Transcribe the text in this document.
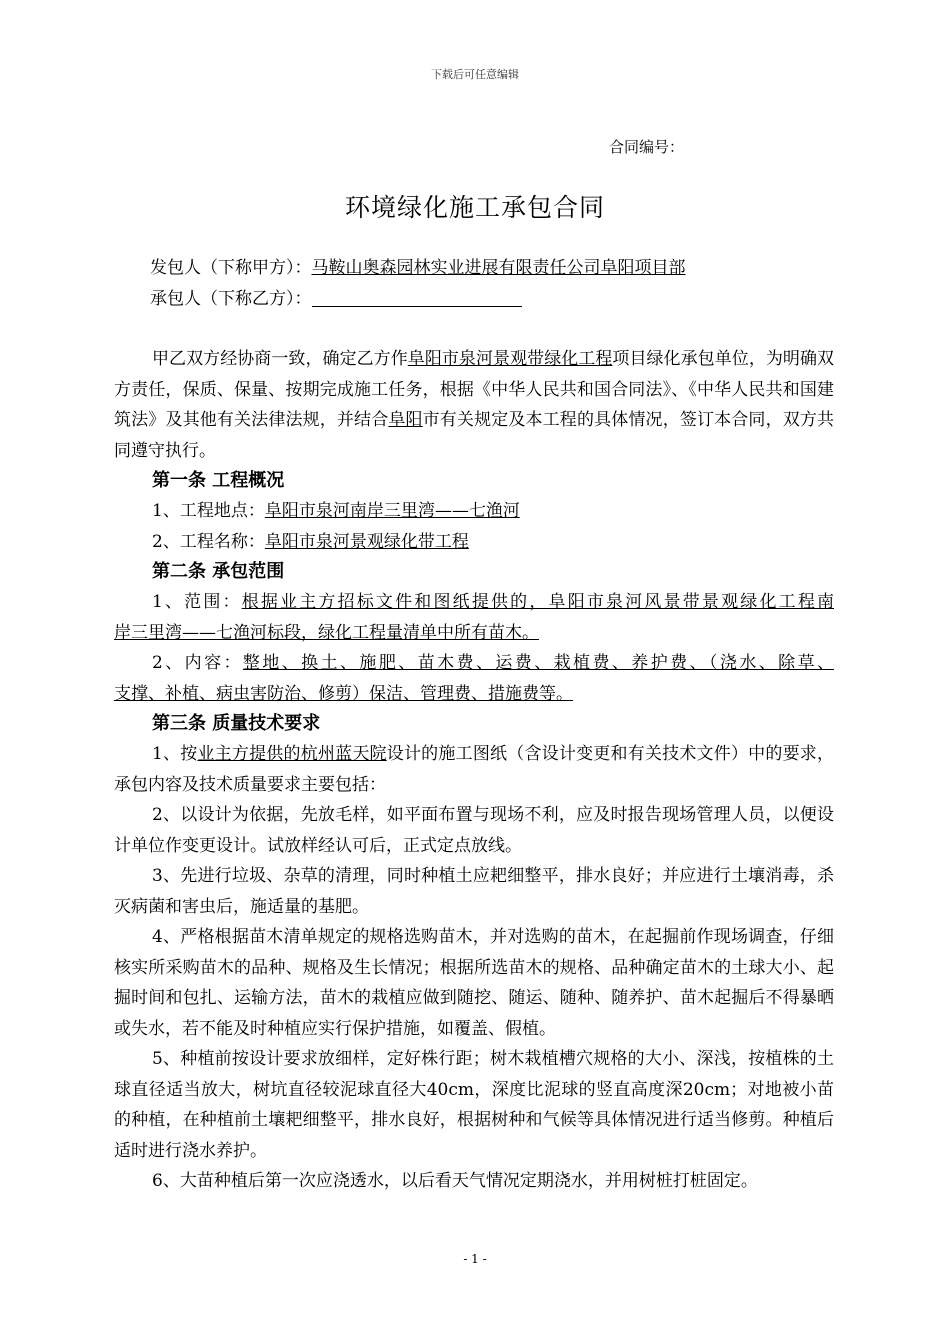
下载后可任意编辑
合同编号：
环境绿化施工承包合同
发包人（下称甲方）：马鞍山奥森园林实业进展有限责任公司阜阳项目部
承包人（下称乙方）：

甲乙双方经协商一致，确定乙方作阜阳市泉河景观带绿化工程项目绿化承包单位，为明确双方责任，保质、保量、按期完成施工任务，根据《中华人民共和国合同法》、《中华人民共和国建筑法》及其他有关法律法规，并结合阜阳市有关规定及本工程的具体情况，签订本合同，双方共同遵守执行。

第一条 工程概况
1、工程地点：阜阳市泉河南岸三里湾——七渔河
2、工程名称：阜阳市泉河景观绿化带工程
第二条 承包范围
1、范围：根据业主方招标文件和图纸提供的，阜阳市泉河风景带景观绿化工程南
岸三里湾——七渔河标段，绿化工程量清单中所有苗木。
2、内容：整地、换土、施肥、苗木费、运费、栽植费、养护费、（浇水、除草、
支撑、补植、病虫害防治、修剪）保洁、管理费、措施费等。
第三条 质量技术要求

1、按业主方提供的杭州蓝天院设计的施工图纸（含设计变更和有关技术文件）中的要求，承包内容及技术质量要求主要包括：

2、以设计为依据，先放毛样，如平面布置与现场不利，应及时报告现场管理人员，以便设计单位作变更设计。试放样经认可后，正式定点放线。

3、先进行垃圾、杂草的清理，同时种植土应耙细整平，排水良好；并应进行土壤消毒，杀灭病菌和害虫后，施适量的基肥。

4、严格根据苗木清单规定的规格选购苗木，并对选购的苗木，在起掘前作现场调查，仔细核实所采购苗木的品种、规格及生长情况；根据所选苗木的规格、品种确定苗木的土球大小、起掘时间和包扎、运输方法，苗木的栽植应做到随挖、随运、随种、随养护、苗木起掘后不得暴晒或失水，若不能及时种植应实行保护措施，如覆盖、假植。

5、种植前按设计要求放细样，定好株行距；树木栽植槽穴规格的大小、深浅，按植株的土球直径适当放大，树坑直径较泥球直径大40cm，深度比泥球的竖直高度深20cm；对地被小苗的种植，在种植前土壤耙细整平，排水良好，根据树种和气候等具体情况进行适当修剪。种植后适时进行浇水养护。

6、大苗种植后第一次应浇透水，以后看天气情况定期浇水，并用树桩打桩固定。

- 1 -
